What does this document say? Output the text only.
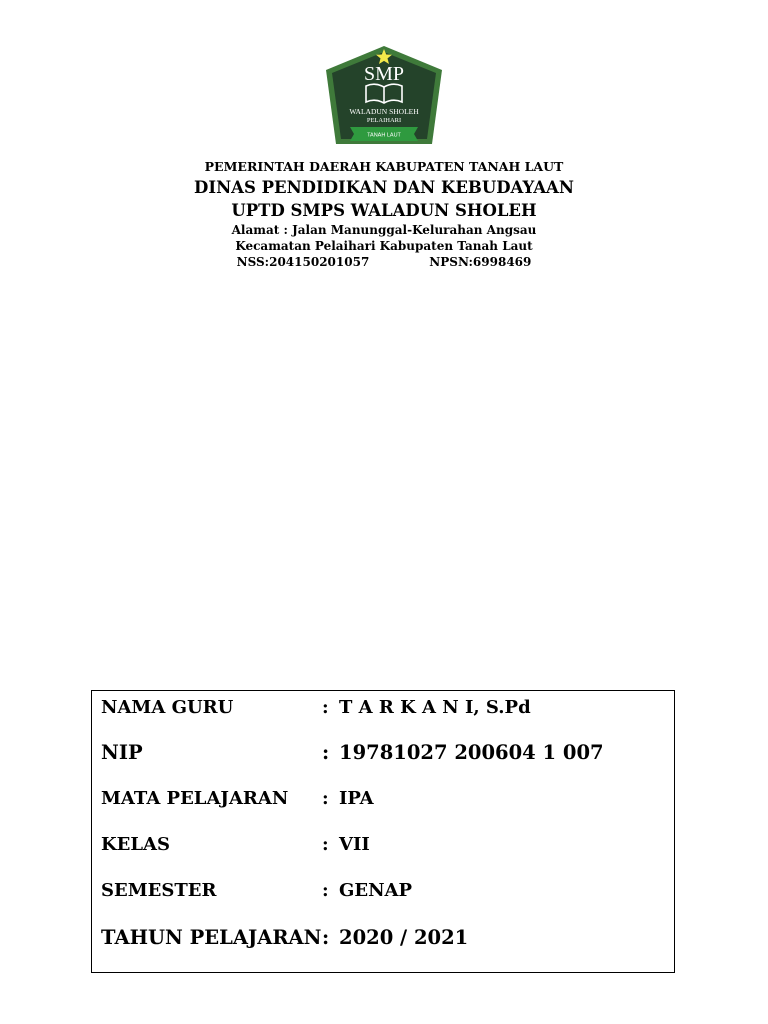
SMP
WALADUN SHOLEH
PELAIHARI
TANAH LAUT
PEMERINTAH DAERAH KABUPATEN TANAH LAUT
DINAS PENDIDIKAN DAN KEBUDAYAAN
UPTD SMPS WALADUN SHOLEH
Alamat : Jalan Manunggal-Kelurahan Angsau
Kecamatan Pelaihari Kabupaten Tanah Laut
NSS:204150201057	NPSN:6998469
NAMA GURU	: T A R K A N I, S.Pd
NIP	: 19781027 200604 1 007
MATA PELAJARAN : IPA
KELAS	: VII
SEMESTER	: GENAP
TAHUN PELAJARAN : 2020 / 2021
